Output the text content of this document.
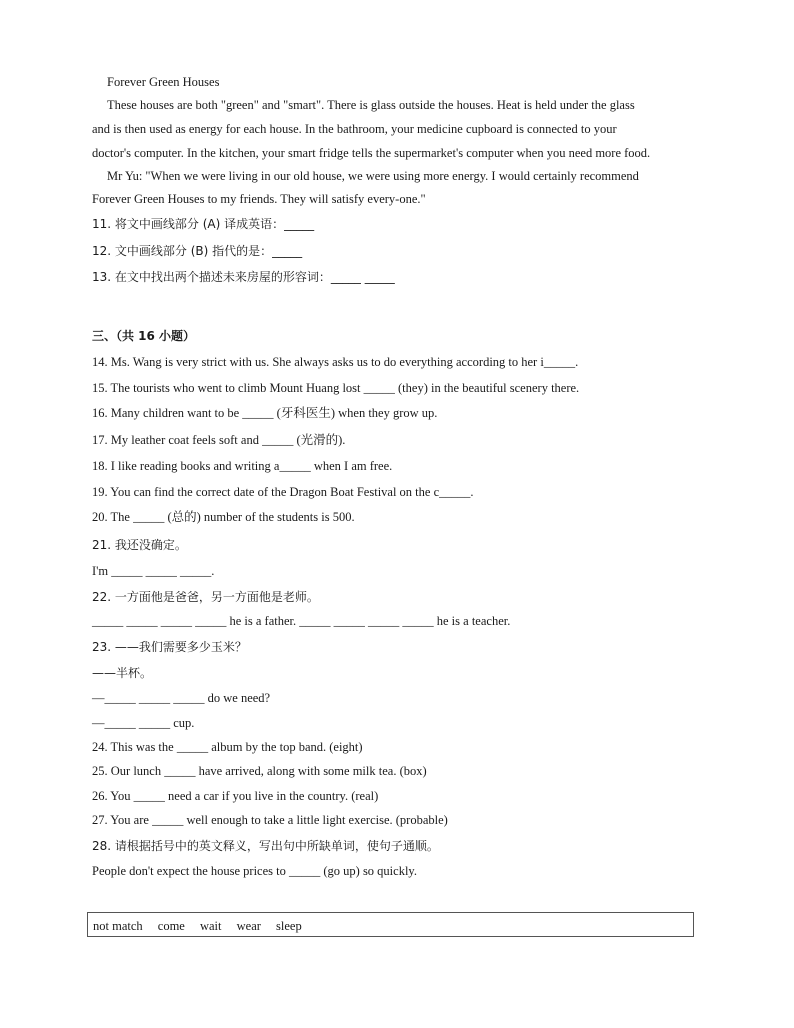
Forever Green Houses
These houses are both "green" and "smart". There is glass outside the houses. Heat is held under the glass
and is then used as energy for each house. In the bathroom, your medicine cupboard is connected to your
doctor's computer. In the kitchen, your smart fridge tells the supermarket's computer when you need more food.
Mr Yu: "When we were living in our old house, we were using more energy. I would certainly recommend
Forever Green Houses to my friends. They will satisfy every-one."
11. 将文中画线部分 (A) 译成英语：_____
12. 文中画线部分 (B) 指代的是：_____
13. 在文中找出两个描述未来房屋的形容词：_____ _____
三、（共 16 小题）
14. Ms. Wang is very strict with us. She always asks us to do everything according to her i_____.
15. The tourists who went to climb Mount Huang lost _____ (they) in the beautiful scenery there.
16. Many children want to be _____ (牙科医生) when they grow up.
17. My leather coat feels soft and _____ (光滑的).
18. I like reading books and writing a_____ when I am free.
19. You can find the correct date of the Dragon Boat Festival on the c_____.
20. The _____ (总的) number of the students is 500.
21. 我还没确定。
I'm _____ _____ _____.
22. 一方面他是爸爸，另一方面他是老师。
_____ _____ _____ _____ he is a father. _____ _____ _____ _____ he is a teacher.
23. ——我们需要多少玉米？
——半杯。
—_____ _____ _____ do we need?
—_____ _____ cup.
24. This was the _____ album by the top band. (eight)
25. Our lunch _____ have arrived, along with some milk tea. (box)
26. You _____ need a car if you live in the country. (real)
27. You are _____ well enough to take a little light exercise. (probable)
28. 请根据括号中的英文释义，写出句中所缺单词，使句子通顺。
People don't expect the house prices to _____ (go up) so quickly.
not match come wait wear sleep
